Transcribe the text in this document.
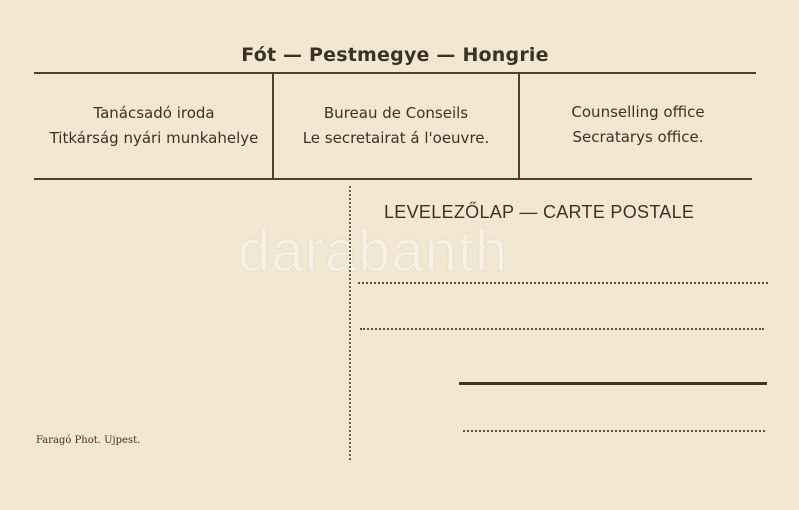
Fót — Pestmegye — Hongrie
Tanácsadó iroda
Titkárság nyári munkahelye
Bureau de Conseils
Le secretairat á l'oeuvre.
Counselling office
Secratarys office.
darabanth
LEVELEZŐLAP — CARTE POSTALE
Faragó Phot. Ujpest.
